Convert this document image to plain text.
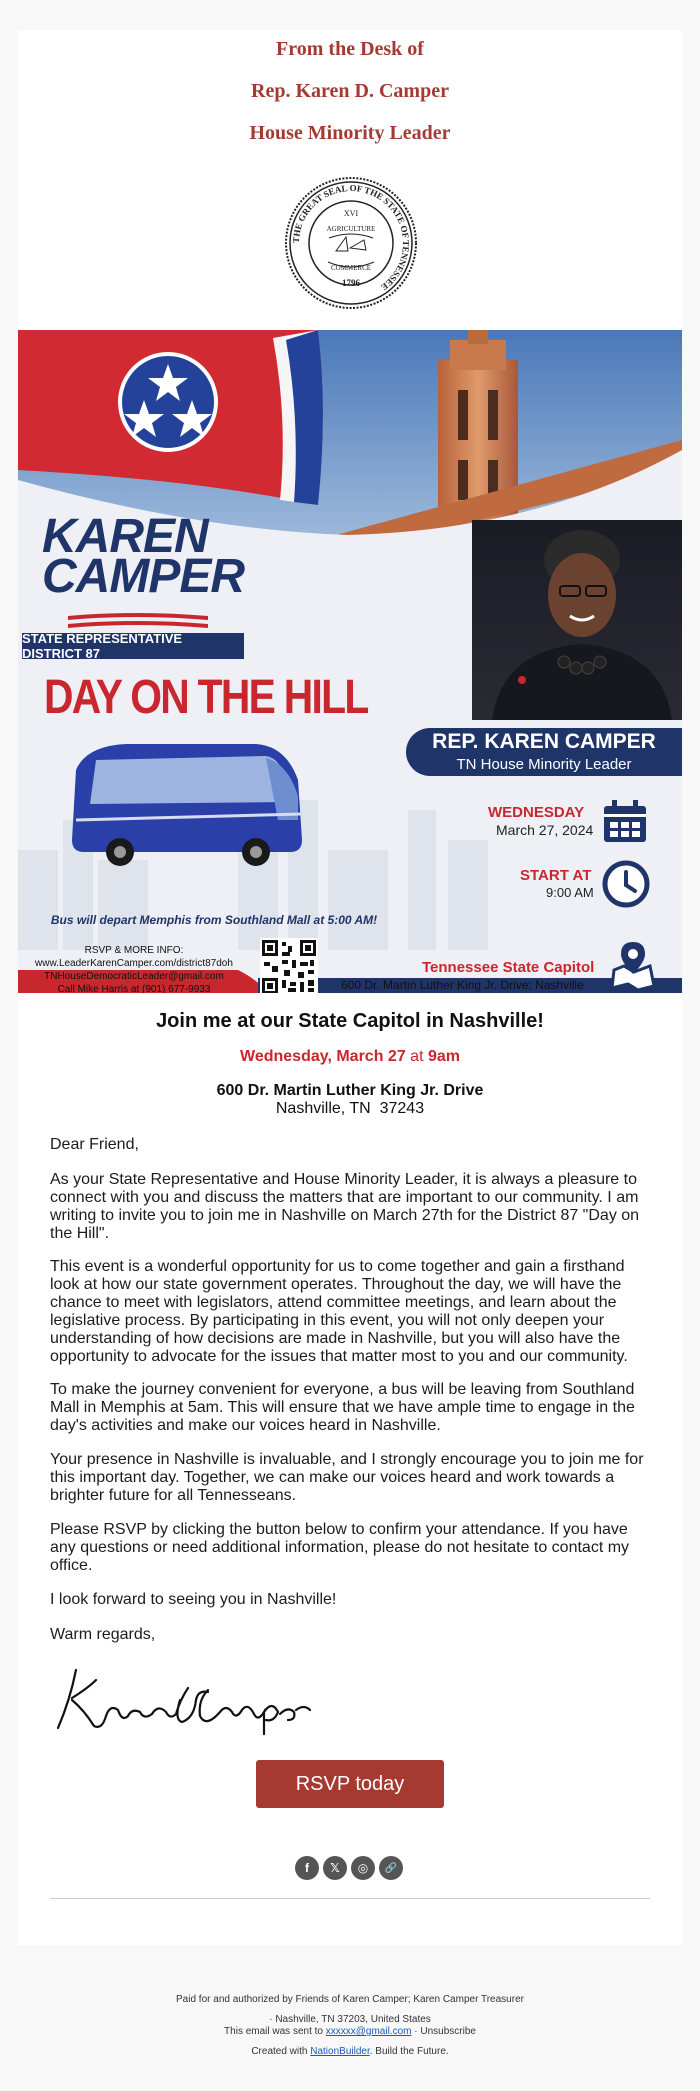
From the Desk of
Rep. Karen D. Camper
House Minority Leader
THE GREAT SEAL OF THE STATE OF TENNESSEE
XVI
AGRICULTURE
COMMERCE
1796
KAREN
CAMPER
STATE REPRESENTATIVE DISTRICT 87
DAY ON THE HILL
REP. KAREN CAMPER
TN House Minority Leader
WEDNESDAY
March 27, 2024
START AT
9:00 AM
Bus will depart Memphis from Southland Mall at 5:00 AM!
RSVP & MORE INFO:
www.LeaderKarenCamper.com/district87doh
TNHouseDemocraticLeader@gmail.com
Call Mike Harris at (901) 677-9933
Tennessee State Capitol
600 Dr. Martin Luther King Jr. Drive; Nashville
Join me at our State Capitol in Nashville!
Wednesday, March 27 at 9am
600 Dr. Martin Luther King Jr. Drive
Nashville, TN  37243
Dear Friend,
As your State Representative and House Minority Leader, it is always a pleasure to connect with you and discuss the matters that are important to our community. I am writing to invite you to join me in Nashville on March 27th for the District 87 "Day on the Hill".
This event is a wonderful opportunity for us to come together and gain a firsthand look at how our state government operates. Throughout the day, we will have the chance to meet with legislators, attend committee meetings, and learn about the legislative process. By participating in this event, you will not only deepen your understanding of how decisions are made in Nashville, but you will also have the opportunity to advocate for the issues that matter most to you and our community.
To make the journey convenient for everyone, a bus will be leaving from Southland Mall in Memphis at 5am. This will ensure that we have ample time to engage in the day's activities and make our voices heard in Nashville.
Your presence in Nashville is invaluable, and I strongly encourage you to join me for this important day. Together, we can make our voices heard and work towards a brighter future for all Tennesseans.
Please RSVP by clicking the button below to confirm your attendance. If you have any questions or need additional information, please do not hesitate to contact my office.
I look forward to seeing you in Nashville!
Warm regards,
RSVP today
f	𝕏	◎	🔗
Paid for and authorized by Friends of Karen Camper; Karen Camper Treasurer
· Nashville, TN 37203, United States
This email was sent to xxxxxx@gmail.com · Unsubscribe
Created with NationBuilder. Build the Future.
